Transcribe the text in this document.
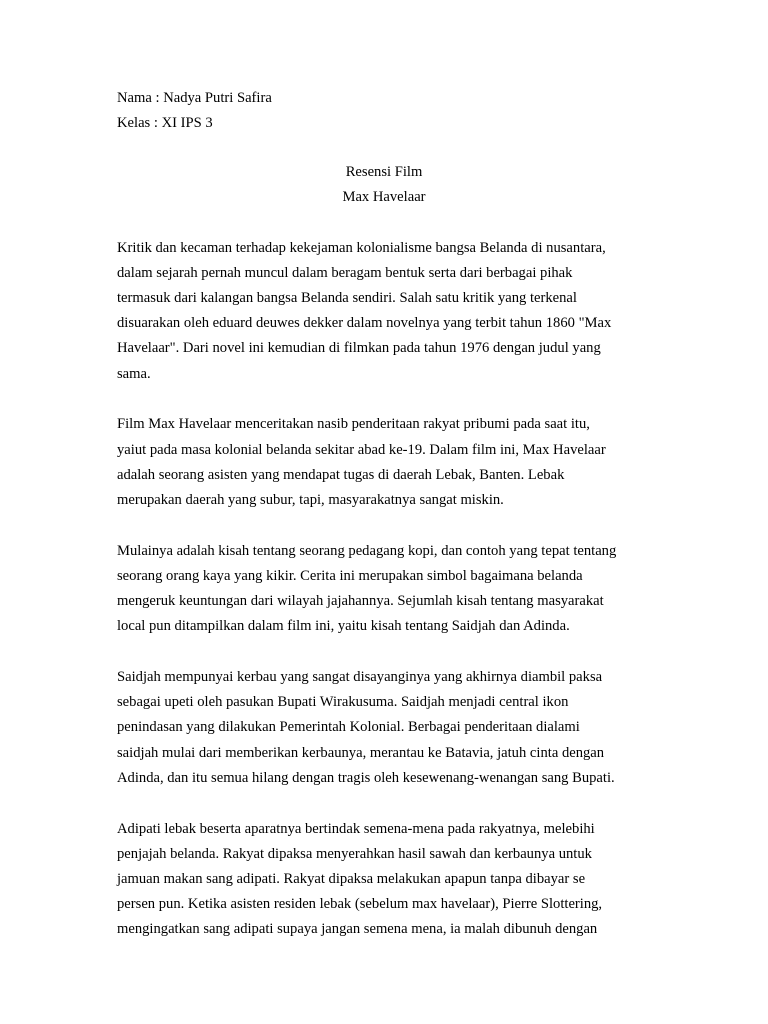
Nama : Nadya Putri Safira
Kelas : XI IPS 3
Resensi Film
Max Havelaar
Kritik dan kecaman terhadap kekejaman kolonialisme bangsa Belanda di nusantara,
dalam sejarah pernah muncul dalam beragam bentuk serta dari berbagai pihak
termasuk dari kalangan bangsa Belanda sendiri. Salah satu kritik yang terkenal
disuarakan oleh eduard deuwes dekker dalam novelnya yang terbit tahun 1860 "Max
Havelaar". Dari novel ini kemudian di filmkan pada tahun 1976 dengan judul yang
sama.
Film Max Havelaar menceritakan nasib penderitaan rakyat pribumi pada saat itu,
yaiut pada masa kolonial belanda sekitar abad ke-19. Dalam film ini, Max Havelaar
adalah seorang asisten yang mendapat tugas di daerah Lebak, Banten. Lebak
merupakan daerah yang subur, tapi, masyarakatnya sangat miskin.
Mulainya adalah kisah tentang seorang pedagang kopi, dan contoh yang tepat tentang
seorang orang kaya yang kikir. Cerita ini merupakan simbol bagaimana belanda
mengeruk keuntungan dari wilayah jajahannya. Sejumlah kisah tentang masyarakat
local pun ditampilkan dalam film ini, yaitu kisah tentang Saidjah dan Adinda.
Saidjah mempunyai kerbau yang sangat disayanginya yang akhirnya diambil paksa
sebagai upeti oleh pasukan Bupati Wirakusuma. Saidjah menjadi central ikon
penindasan yang dilakukan Pemerintah Kolonial. Berbagai penderitaan dialami
saidjah mulai dari memberikan kerbaunya, merantau ke Batavia, jatuh cinta dengan
Adinda, dan itu semua hilang dengan tragis oleh kesewenang-wenangan sang Bupati.
Adipati lebak beserta aparatnya bertindak semena-mena pada rakyatnya, melebihi
penjajah belanda. Rakyat dipaksa menyerahkan hasil sawah dan kerbaunya untuk
jamuan makan sang adipati. Rakyat dipaksa melakukan apapun tanpa dibayar se
persen pun. Ketika asisten residen lebak (sebelum max havelaar), Pierre Slottering,
mengingatkan sang adipati supaya jangan semena mena, ia malah dibunuh dengan
